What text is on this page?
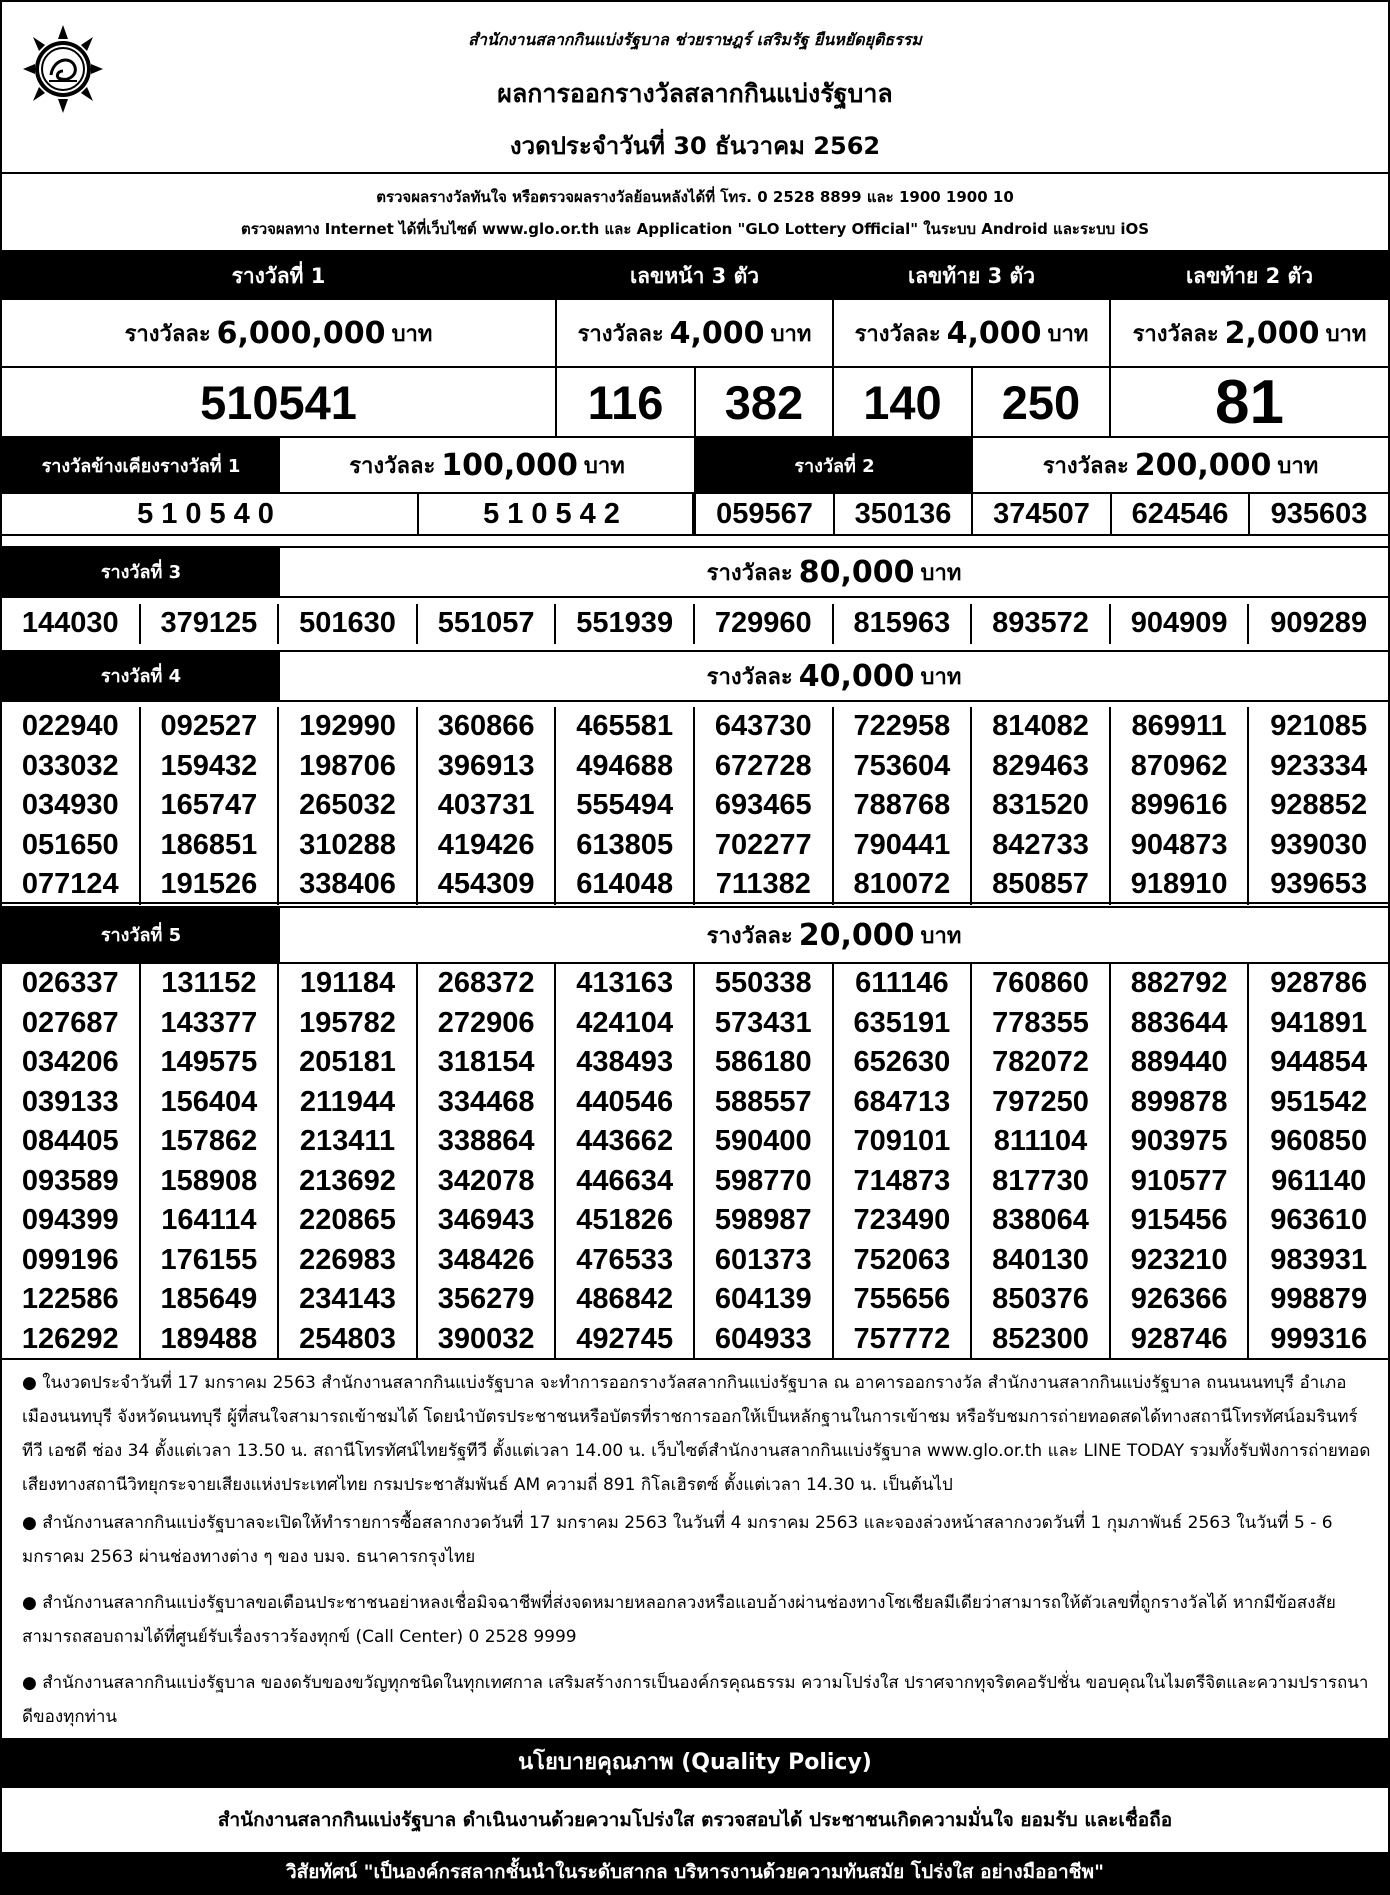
สำนักงานสลากกินแบ่งรัฐบาล ช่วยราษฎร์ เสริมรัฐ ยืนหยัดยุติธรรม
ผลการออกรางวัลสลากกินแบ่งรัฐบาล
งวดประจำวันที่ 30 ธันวาคม 2562
ตรวจผลรางวัลทันใจ หรือตรวจผลรางวัลย้อนหลังได้ที่ โทร. 0 2528 8899 และ 1900 1900 10
ตรวจผลทาง Internet ได้ที่เว็บไซต์ www.glo.or.th และ Application "GLO Lottery Official" ในระบบ Android และระบบ iOS
รางวัลที่ 1	เลขหน้า 3 ตัว	เลขท้าย 3 ตัว	เลขท้าย 2 ตัว
รางวัลละ 6,000,000 บาท	รางวัลละ 4,000 บาท รางวัลละ 4,000 บาท รางวัลละ 2,000 บาท
510541	116	382	140	250	81
รางวัลข้างเคียงรางวัลที่ 1	รางวัลละ 100,000 บาท	รางวัลที่ 2	รางวัลละ 200,000 บาท
510540	510542	059567	350136	374507	624546	935603
รางวัลที่ 3	รางวัลละ 80,000 บาท
144030	379125	501630	551057	551939	729960	815963	893572	904909	909289
รางวัลที่ 4	รางวัลละ 40,000 บาท
022940	092527	192990	360866	465581	643730	722958	814082	869911	921085
033032	159432	198706	396913	494688	672728	753604	829463	870962	923334
034930	165747	265032	403731	555494	693465	788768	831520	899616	928852
051650	186851	310288	419426	613805	702277	790441	842733	904873	939030
077124	191526	338406	454309	614048	711382	810072	850857	918910	939653
รางวัลที่ 5	รางวัลละ 20,000 บาท
026337	131152	191184	268372	413163	550338	611146	760860	882792	928786
027687	143377	195782	272906	424104	573431	635191	778355	883644	941891
034206	149575	205181	318154	438493	586180	652630	782072	889440	944854
039133	156404	211944	334468	440546	588557	684713	797250	899878	951542
084405	157862	213411	338864	443662	590400	709101	811104	903975	960850
093589	158908	213692	342078	446634	598770	714873	817730	910577	961140
094399	164114	220865	346943	451826	598987	723490	838064	915456	963610
099196	176155	226983	348426	476533	601373	752063	840130	923210	983931
122586	185649	234143	356279	486842	604139	755656	850376	926366	998879
126292	189488	254803	390032	492745	604933	757772	852300	928746	999316
● ในงวดประจำวันที่ 17 มกราคม 2563 สำนักงานสลากกินแบ่งรัฐบาล จะทำการออกรางวัลสลากกินแบ่งรัฐบาล ณ อาคารออกรางวัล สำนักงานสลากกินแบ่งรัฐบาล ถนนนนทบุรี อำเภอเมืองนนทบุรี จังหวัดนนทบุรี ผู้ที่สนใจสามารถเข้าชมได้ โดยนำบัตรประชาชนหรือบัตรที่ราชการออกให้เป็นหลักฐานในการเข้าชม หรือรับชมการถ่ายทอดสดได้ทางสถานีโทรทัศน์อมรินทร์ทีวี เอชดี ช่อง 34 ตั้งแต่เวลา 13.50 น. สถานีโทรทัศน์ไทยรัฐทีวี ตั้งแต่เวลา 14.00 น. เว็บไซต์สำนักงานสลากกินแบ่งรัฐบาล www.glo.or.th และ LINE TODAY รวมทั้งรับฟังการถ่ายทอดเสียงทางสถานีวิทยุกระจายเสียงแห่งประเทศไทย กรมประชาสัมพันธ์ AM ความถี่ 891 กิโลเฮิรตซ์ ตั้งแต่เวลา 14.30 น. เป็นต้นไป
● สำนักงานสลากกินแบ่งรัฐบาลจะเปิดให้ทำรายการซื้อสลากงวดวันที่ 17 มกราคม 2563 ในวันที่ 4 มกราคม 2563 และจองล่วงหน้าสลากงวดวันที่ 1 กุมภาพันธ์ 2563 ในวันที่ 5 - 6 มกราคม 2563 ผ่านช่องทางต่าง ๆ ของ บมจ. ธนาคารกรุงไทย
● สำนักงานสลากกินแบ่งรัฐบาลขอเตือนประชาชนอย่าหลงเชื่อมิจฉาชีพที่ส่งจดหมายหลอกลวงหรือแอบอ้างผ่านช่องทางโซเชียลมีเดียว่าสามารถให้ตัวเลขที่ถูกรางวัลได้ หากมีข้อสงสัย สามารถสอบถามได้ที่ศูนย์รับเรื่องราวร้องทุกข์ (Call Center) 0 2528 9999
● สำนักงานสลากกินแบ่งรัฐบาล ของดรับของขวัญทุกชนิดในทุกเทศกาล เสริมสร้างการเป็นองค์กรคุณธรรม ความโปร่งใส ปราศจากทุจริตคอรัปชั่น ขอบคุณในไมตรีจิตและความปรารถนาดีของทุกท่าน
นโยบายคุณภาพ (Quality Policy)
สำนักงานสลากกินแบ่งรัฐบาล ดำเนินงานด้วยความโปร่งใส ตรวจสอบได้ ประชาชนเกิดความมั่นใจ ยอมรับ และเชื่อถือ
วิสัยทัศน์ "เป็นองค์กรสลากชั้นนำในระดับสากล บริหารงานด้วยความทันสมัย โปร่งใส อย่างมืออาชีพ"
